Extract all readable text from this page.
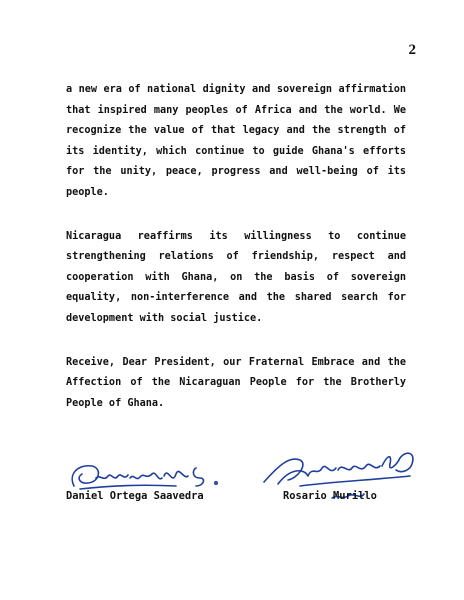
2

a new era of national dignity and sovereign affirmation that inspired many peoples of Africa and the world. We recognize the value of that legacy and the strength of its identity, which continue to guide Ghana's efforts for the unity, peace, progress and well-being of its people.

Nicaragua reaffirms its willingness to continue strengthening relations of friendship, respect and cooperation with Ghana, on the basis of sovereign equality, non-interference and the shared search for development with social justice.

Receive, Dear President, our Fraternal Embrace and the Affection of the Nicaraguan People for the Brotherly People of Ghana.

Daniel Ortega Saavedra	Rosario Murillo
